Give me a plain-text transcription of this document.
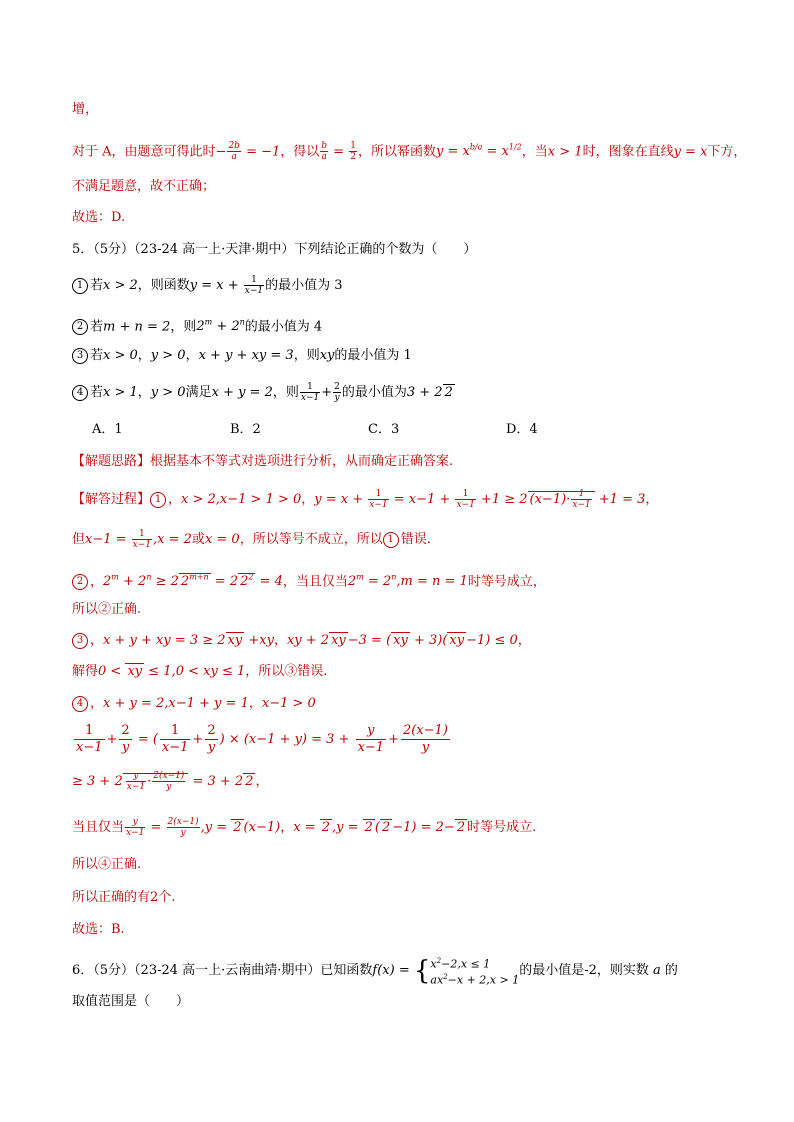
增，
对于 A，由题意可得此时− $\frac{2b}{a} = -1$，得以 $\frac{b}{a} = \frac{1}{2}$ ，所以幂函数$y = x^{b/a} = x^{1/2}$，当x > 1时，图象在直线y = x下方，
不满足题意，故不正确；
故选：D.
5．（5分）（23-24 高一上·天津·期中）下列结论正确的个数为（　　）
1 若x > 2，则函数$y = x + \frac{1}{x-1}$ 的最小值为 3
2 若m + n = 2，则$2^m + 2^n$的最小值为 4
3 若x > 0，y > 0，x + y + xy = 3，则xy的最小值为 1
4 若x > 1，y > 0满足x + y = 2，则 $\frac{1}{x-1} + \frac{2}{y}$ 的最小值为3 + 2 2
A．1	B．2	C．3	D．4
【解题思路】根据基本不等式对选项进行分析，从而确定正确答案.
【解答过程】 1 ，x > 2,x−1 > 1 > 0，$y = x + \frac{1}{x-1} = x-1 + \frac{1}{x-1} +1 \ge 2$ $(x-1)\cdot \frac{1}{x-1} +1 = 3$，
但$x-1 = \frac{1}{x-1} ,x = 2$或x = 0，所以等号不成立，所以 1 错误.
2 ，$2^m + 2^n \ge 2$ $2^{m+n} = 2$ $2^2 = 4$，当且仅当$2^m = 2^n,m = n = 1$时等号成立，
所以②正确.
3 ，x + y + xy = 3 ≥ 2 xy +xy，xy + 2 xy −3 = ( xy + 3)( xy −1) ≤ 0，
解得0 < xy ≤ 1,0 < xy ≤ 1，所以③错误.
4 ，x + y = 2,x−1 + y = 1，x−1 > 0
$\frac{1}{x-1} + \frac{2}{y}$ = ( $\frac{1}{x-1} + \frac{2}{y}$ ) × $(x-1 + y) = 3 + \frac{y}{x-1} + \frac{2(x-1)}{y}$
≥ $3 + 2 \frac{y}{x-1} \cdot \frac{2(x-1)}{y} = 3 + 2$ 2 ，
当且仅当 $\frac{y}{x-1} = \frac{2(x-1)}{y} ,y = 2$ (x−1)，x = 2 ,y = 2 ( 2 −1) = 2− 2 时等号成立.
所以④正确.
所以正确的有2个.
故选：B.
6．（5分）（23-24 高一上·云南曲靖·期中）已知函数f(x) = { $x^2-2,x \le 1$
$ax^2-x + 2,x > 1$
的最小值是-2，则实数 a 的
取值范围是（　　）
